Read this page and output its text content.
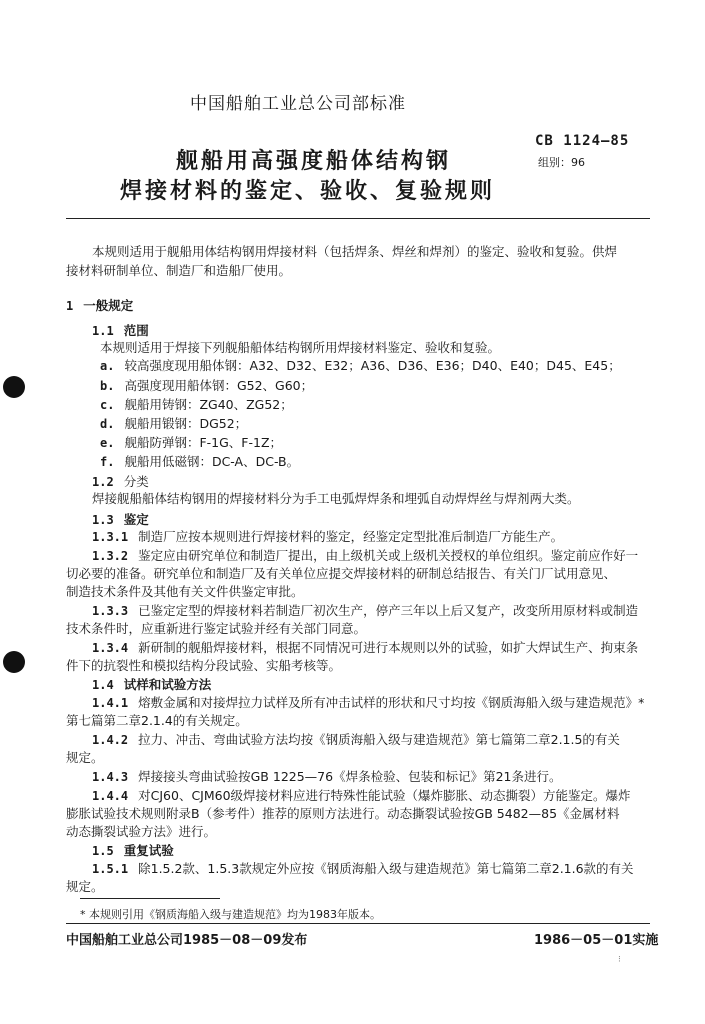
中国船舶工业总公司部标准
舰船用高强度船体结构钢
焊接材料的鉴定、验收、复验规则
CB 1124—85
组别：96
本规则适用于舰船用体结构钢用焊接材料（包括焊条、焊丝和焊剂）的鉴定、验收和复验。供焊
接材料研制单位、制造厂和造船厂使用。
1 一般规定
1.1 范围
本规则适用于焊接下列舰船船体结构钢所用焊接材料鉴定、验收和复验。
a. 较高强度现用船体钢：A32、D32、E32；A36、D36、E36；D40、E40；D45、E45；
b. 高强度现用船体钢：G52、G60；
c. 舰船用铸钢：ZG40、ZG52；
d. 舰船用锻钢：DG52；
e. 舰船防弹钢：F-1G、F-1Z；
f. 舰船用低磁钢：DC-A、DC-B。
1.2 分类
焊接舰船船体结构钢用的焊接材料分为手工电弧焊焊条和埋弧自动焊焊丝与焊剂两大类。
1.3 鉴定
1.3.1 制造厂应按本规则进行焊接材料的鉴定，经鉴定定型批准后制造厂方能生产。
1.3.2 鉴定应由研究单位和制造厂提出，由上级机关或上级机关授权的单位组织。鉴定前应作好一
切必要的准备。研究单位和制造厂及有关单位应提交焊接材料的研制总结报告、有关门厂试用意见、
制造技术条件及其他有关文件供鉴定审批。
1.3.3 已鉴定定型的焊接材料若制造厂初次生产，停产三年以上后又复产，改变所用原材料或制造
技术条件时，应重新进行鉴定试验并经有关部门同意。
1.3.4 新研制的舰船焊接材料，根据不同情况可进行本规则以外的试验，如扩大焊试生产、拘束条
件下的抗裂性和模拟结构分段试验、实船考核等。
1.4 试样和试验方法
1.4.1 熔敷金属和对接焊拉力试样及所有冲击试样的形状和尺寸均按《钢质海船入级与建造规范》*
第七篇第二章2.1.4的有关规定。
1.4.2 拉力、冲击、弯曲试验方法均按《钢质海船入级与建造规范》第七篇第二章2.1.5的有关
规定。
1.4.3 焊接接头弯曲试验按GB 1225—76《焊条检验、包装和标记》第21条进行。
1.4.4 对CJ60、CJM60级焊接材料应进行特殊性能试验（爆炸膨胀、动态撕裂）方能鉴定。爆炸
膨胀试验技术规则附录B（参考件）推荐的原则方法进行。动态撕裂试验按GB 5482—85《金属材料
动态撕裂试验方法》进行。
1.5 重复试验
1.5.1 除1.5.2款、1.5.3款规定外应按《钢质海船入级与建造规范》第七篇第二章2.1.6款的有关
规定。
* 本规则引用《钢质海船入级与建造规范》均为1983年版本。
中国船舶工业总公司1985－08－09发布	1986－05－01实施
⁝
